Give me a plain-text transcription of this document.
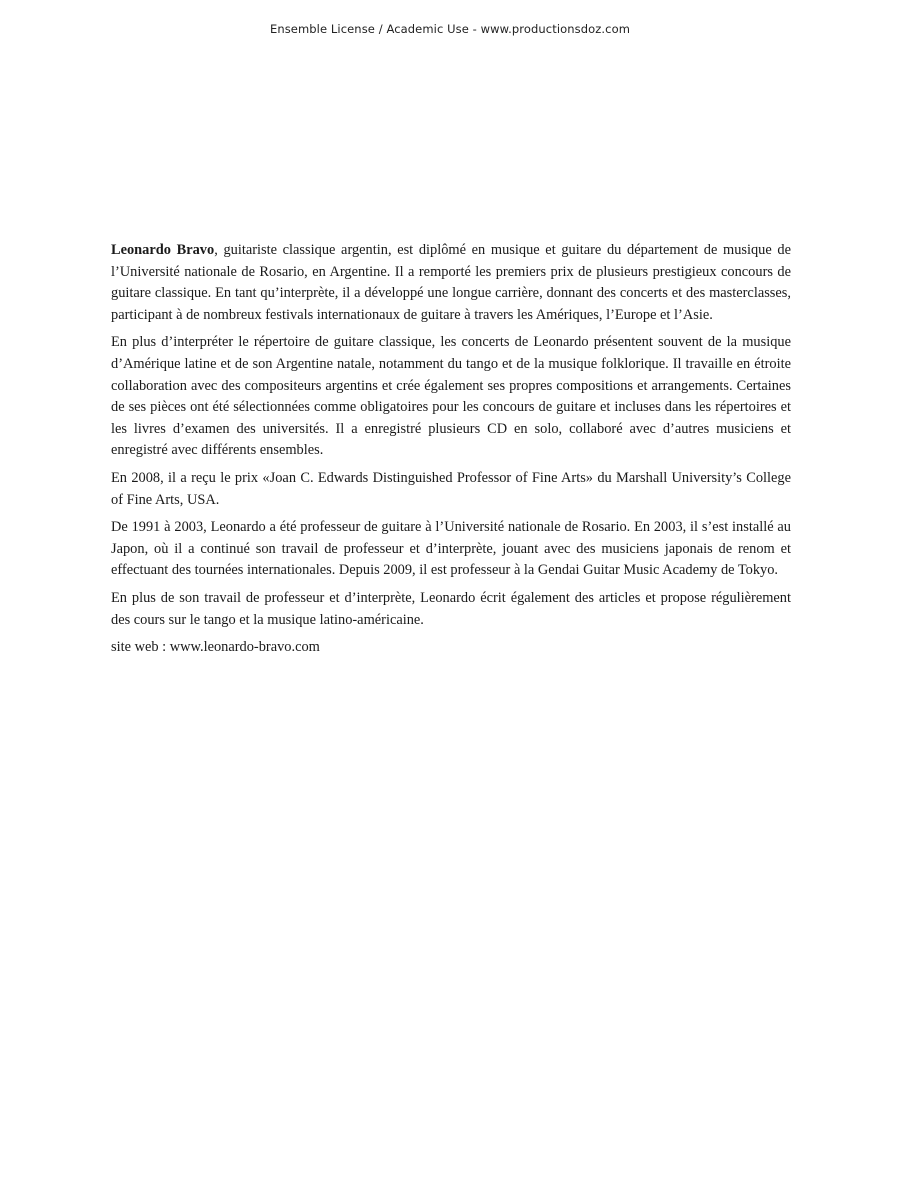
Ensemble License / Academic Use - www.productionsdoz.com

Leonardo Bravo, guitariste classique argentin, est diplômé en musique et guitare du département de musique de l’Université nationale de Rosario, en Argentine. Il a remporté les premiers prix de plusieurs prestigieux concours de guitare classique. En tant qu’interprète, il a développé une longue carrière, donnant des concerts et des masterclasses, participant à de nombreux festivals internationaux de guitare à travers les Amériques, l’Europe et l’Asie.

En plus d’interpréter le répertoire de guitare classique, les concerts de Leonardo présentent souvent de la musique d’Amérique latine et de son Argentine natale, notamment du tango et de la musique folklorique. Il travaille en étroite collaboration avec des compositeurs argentins et crée également ses propres compositions et arrangements. Certaines de ses pièces ont été sélectionnées comme obligatoires pour les concours de guitare et incluses dans les répertoires et les livres d’examen des universités. Il a enregistré plusieurs CD en solo, collaboré avec d’autres musiciens et enregistré avec différents ensembles.

En 2008, il a reçu le prix «Joan C. Edwards Distinguished Professor of Fine Arts» du Marshall University’s College of Fine Arts, USA.

De 1991 à 2003, Leonardo a été professeur de guitare à l’Université nationale de Rosario. En 2003, il s’est installé au Japon, où il a continué son travail de professeur et d’interprète, jouant avec des musiciens japonais de renom et effectuant des tournées internationales. Depuis 2009, il est professeur à la Gendai Guitar Music Academy de Tokyo.

En plus de son travail de professeur et d’interprète, Leonardo écrit également des articles et propose régulièrement des cours sur le tango et la musique latino-américaine.

site web : www.leonardo-bravo.com
